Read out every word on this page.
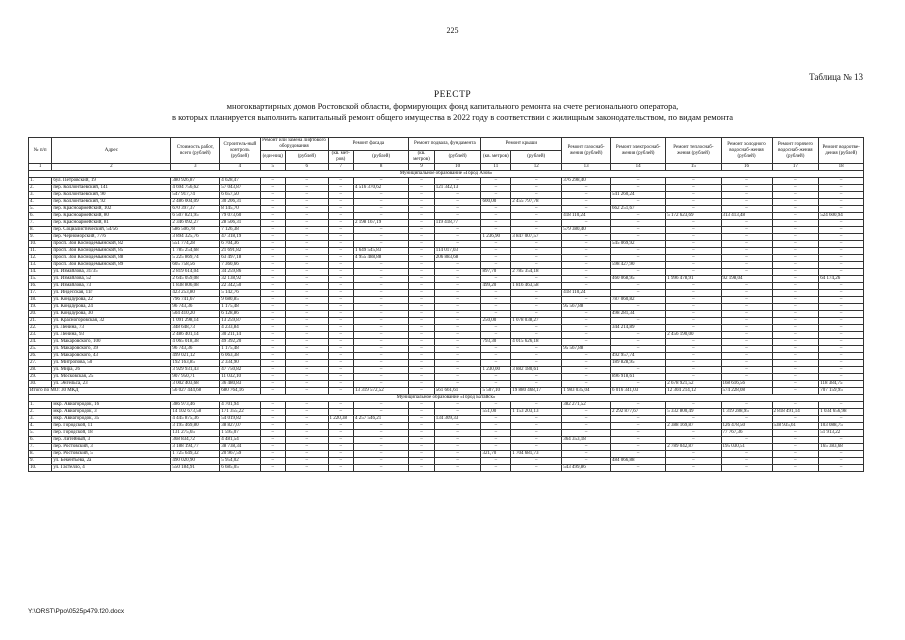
225
Таблица № 13
РЕЕСТР
многоквартирных домов Ростовской области, формирующих фонд капитального ремонта на счете регионального оператора,
в которых планируется выполнить капитальный ремонт общего имущества в 2022 году в соответствии с жилищным законодательством, по видам ремонта
№ п/п	Адрес	Стоимость работ, всего (рублей)	Строитель-ный контроль (рублей)	Ремонт или замена лифтового оборудования		Ремонт фасада		Ремонт подвала, фундамента		Ремонт крыши		Ремонт газоснаб-жения (рублей)	Ремонт электроснаб-жения (рублей)	Ремонт теплоснаб-жения (рублей)	Ремонт холодного водоснаб-жения (рублей)	Ремонт горячего водоснаб-жения (рублей)	Ремонт водоотве-дения (рублей)
				(еди-ниц)	(рублей)	(кв. мет-ров)	(рублей)	(кв. метров)	(рублей)	(кв. метров)	(рублей)						
1	2	3	4	5	6	7	8	9	10	11	12	13	14	15	16	17	18
Муниципальное образование «Город Азов»																	
1.	бул. Петровский, 19	380 926,87	4 628,47	–	–	–	–	–	–	–	–	376 298,40	–	–	–	–	–
2.	пер. Коллонтаевский, 141	4 694 756,62	57 043,87	–	–	–	4 516 370,62	–	121 342,13	–	–	–	–	–	–	–	–
3.	пер. Коллонтаевский, 90	547 917,74	6 657,50	–	–	–	–	–	–	–	–	–	541 260,24	–	–	–	–
4.	пер. Коллонтаевский, 92	2 486 004,09	30 206,31	–	–	–	–	–	–	600,00	2 455 797,78	–	–	–	–	–	–
5.	пер. Красноармейский, 102	670 397,37	8 145,70	–	–	–	–	–	–	–	–	–	662 251,67	–	–	–	–
6.	пер. Красноармейский, 80	6 507 821,95	79 073,60	–	–	–	–	–	–	–	–	418 110,24	–	5 172 623,69	313 413,48	–	524 600,94
7.	пер. Красноармейский, 81	2 346 092,27	28 506,31	–	–	–	2 198 167,19	–	119 418,77	–	–	–	–	–	–	–	–
8.	пер. Социалистический, 54/56	586 506,78	7 126,38	–	–	–	–	–	–	–	–	579 380,40	–	–	–	–	–
9.	пер. Черноморский, 77/6	3 894 325,76	47 318,19	–	–	–	–	–	–	1 236,90	3 847 007,57	–	–	–	–	–	–
10.	просп. Зои Космодемьянской, 82	551 774,28	6 704,36	–	–	–	–	–	–	–	–	–	545 069,92	–	–	–	–
11.	просп. Зои Космодемьянской, 85	1 785 254,68	21 691,82	–	–	–	1 649 545,83	–	114 017,03	–	–	–	–	–	–	–	–
12.	просп. Зои Космодемьянской, 88	5 225 869,74	63 497,18	–	–	–	4 955 488,88	–	206 883,68	–	–	–	–	–	–	–	–
13.	просп. Зои Космодемьянской, 89	605 758,56	7 360,66	–	–	–	–	–	–	–	–	–	598 427,90	–	–	–	–
14.	ул. Измайлова, 31/35	2 819 614,04	34 259,86	–	–	–	–	–	–	897,70	2 785 354,18	–	–	–	–	–	–
15.	ул. Измайлова, 52	2 645 059,08	32 138,92	–	–	–	–	–	–	–	–	–	460 068,95	1 996 478,91	92 198,04	–	64 174,26
16.	ул. Измайлова, 73	1 838 806,08	22 342,50	–	–	–	–	–	–	499,20	1 816 463,58	–	–	–	–	–	–
17.	ул. Индесская, 11г	423 253,80	5 142,76	–	–	–	–	–	–	–	–	418 110,24	–	–	–	–	–
18.	ул. Кондаурова, 22	796 741,67	9 680,85	–	–	–	–	–	–	–	–	–	787 060,82	–	–	–	–
19.	ул. Кондаурова, 24	96 743,36	1 175,48	–	–	–	–	–	–	–	–	95 567,88	–	–	–	–	–
20.	ул. Кондаурова, 30	504 410,20	6 128,86	–	–	–	–	–	–	–	–	–	498 281,34	–	–	–	–
21.	ул. Красногоровская, 32	1 091 298,14	13 259,87	–	–	–	–	–	–	250,00	1 078 038,27	–	–	–	–	–	–
22.	ул. Ленина, 73	348 648,73	4 233,84	–	–	–	–	–	–	–	–	–	344 214,89	–	–	–	–
23.	ул. Ленина, 93	2 486 401,14	30 211,14	–	–	–	–	–	–	–	–	–	–	2 456 190,00	–	–	–
24.	ул. Макаровского, 100	4 065 018,38	49 392,20	–	–	–	–	–	–	793,30	4 015 626,18	–	–	–	–	–	–
25.	ул. Макаровского, 39	96 743,36	1 175,48	–	–	–	–	–	–	–	–	95 567,88	–	–	–	–	–
26.	ул. Макаровского, 43	499 021,12	6 063,38	–	–	–	–	–	–	–	–	–	492 957,74	–	–	–	–
27.	ул. Митропова, 50	192 163,85	2 334,90	–	–	–	–	–	–	–	–	–	189 828,95	–	–	–	–
28.	ул. Мира, 26	3 929 931,43	47 750,82	–	–	–	–	–	–	1 230,00	3 882 180,61	–	–	–	–	–	–
29.	ул. Московская, 25	907 950,71	11 032,10	–	–	–	–	–	–	–	–	–	896 918,61	–	–	–	–
30.	ул. Энгельса, 23	3 002 403,68	36 480,83	–	–	–	–	–	–	–	–	–	–	2 678 921,52	168 616,56	–	118 384,75
Итого по МО: 30 МКД		56 027 444,68	680 764,16	–	–	–	13 319 572,52	–	561 661,61	5 507,10	19 880 468,17	1 983 035,04	6 016 341,03	12 304 214,12	574 228,08	–	707 159,95
Муниципальное образование «Город Батайск»																	
1.	мкр. Авиагородок, 16	386 973,46	4 701,94	–	–	–	–	–	–	–	–	382 271,52	–	–	–	–	–
2.	мкр. Авиагородок, 3	14 102 673,58	171 355,22	–	–	–	–	–	–	551,00	1 153 203,13	–	2 292 877,67	5 332 800,49	1 319 288,95	2 818 491,14	1 034 656,98
3.	мкр. Авиагородок, 35	4 445 875,36	54 019,82	–	–	1 220,38	4 257 546,21	–	134 309,33	–	–	–	–	–	–	–	–
4.	пер. Городской, 11	3 195 469,80	38 827,07	–	–	–	–	–	–	–	–	–	–	2 388 169,87	126 478,50	538 935,61	103 088,75
5.	пер. Городской, 18	131 275,65	1 595,07	–	–	–	–	–	–	–	–	–	–	–	77 767,36	–	51 913,22
6.	пер. Литейный, 3	368 834,72	4 481,54	–	–	–	–	–	–	–	–	364 353,18	–	–	–	–	–
7.	пер. Ростовский, 3	3 188 194,77	38 738,34	–	–	–	–	–	–	–	–	–	–	2 789 042,87	195 030,51	–	165 383,68
8.	пер. Ростовский, 5	1 725 649,32	20 967,59	–	–	–	–	–	–	321,70	1 704 681,73	–	–	–	–	–	–
9.	ул. Бекентьева, 2а	490 020,90	5 954,02	–	–	–	–	–	–	–	–	–	484 066,88	–	–	–	–
10.	ул. Гастелло, 4	550 184,91	6 685,05	–	–	–	–	–	–	–	–	543 499,86	–	–	–	–	–
Y:\ORST\Ppo\0525p479.f20.docx
